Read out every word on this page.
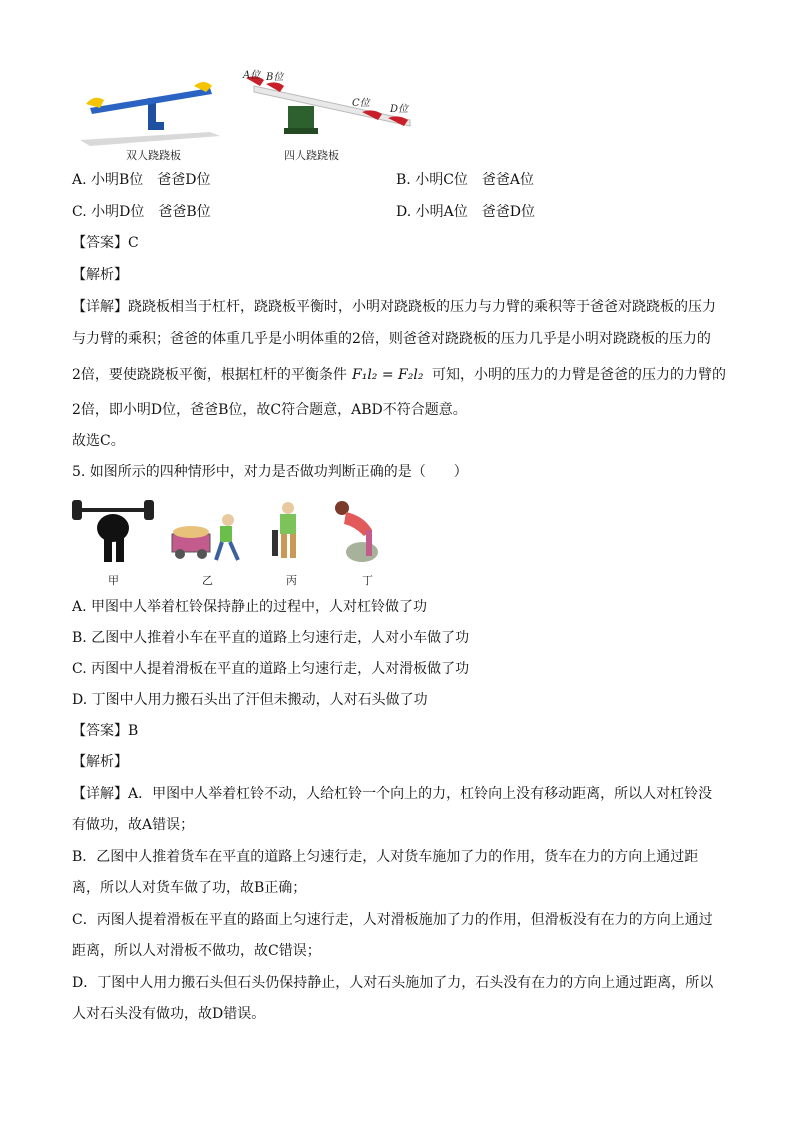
A位 B位
C位
D位
双人跷跷板	四人跷跷板
A. 小明B位　爸爸D位	B. 小明C位　爸爸A位
C. 小明D位　爸爸B位	D. 小明A位　爸爸D位
【答案】C
【解析】
【详解】跷跷板相当于杠杆，跷跷板平衡时，小明对跷跷板的压力与力臂的乘积等于爸爸对跷跷板的压力
与力臂的乘积；爸爸的体重几乎是小明体重的2倍，则爸爸对跷跷板的压力几乎是小明对跷跷板的压力的
2倍，要使跷跷板平衡，根据杠杆的平衡条件 F₁l₂ = F₂l₂ 可知，小明的压力的力臂是爸爸的压力的力臂的
2倍，即小明D位，爸爸B位，故C符合题意，ABD不符合题意。
故选C。
5. 如图所示的四种情形中，对力是否做功判断正确的是（　　）
甲	乙	丙	丁
A. 甲图中人举着杠铃保持静止的过程中，人对杠铃做了功
B. 乙图中人推着小车在平直的道路上匀速行走，人对小车做了功
C. 丙图中人提着滑板在平直的道路上匀速行走，人对滑板做了功
D. 丁图中人用力搬石头出了汗但未搬动，人对石头做了功
【答案】B
【解析】
【详解】A．甲图中人举着杠铃不动，人给杠铃一个向上的力，杠铃向上没有移动距离，所以人对杠铃没
有做功，故A错误；
B．乙图中人推着货车在平直的道路上匀速行走，人对货车施加了力的作用，货车在力的方向上通过距
离，所以人对货车做了功，故B正确；
C．丙图人提着滑板在平直的路面上匀速行走，人对滑板施加了力的作用，但滑板没有在力的方向上通过
距离，所以人对滑板不做功，故C错误；
D．丁图中人用力搬石头但石头仍保持静止，人对石头施加了力，石头没有在力的方向上通过距离，所以
人对石头没有做功，故D错误。
